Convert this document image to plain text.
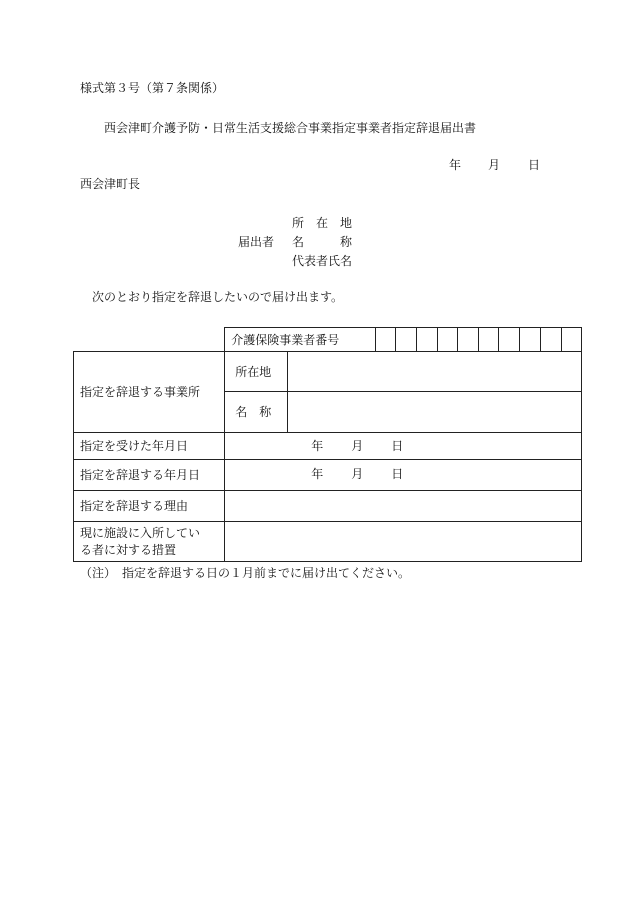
様式第３号（第７条関係）
西会津町介護予防・日常生活支援総合事業指定事業者指定辞退届出書
年 月 日
西会津町長
所　在　地
届出者 名　　　称
代表者氏名
次のとおり指定を辞退したいので届け出ます。
	介護保険事業者番号											
指定を辞退する事業所	所在地											
	名　称											
指定を受けた年月日	年 月 日											

指定を辞退する年月日	年 月 日											

指定を辞退する理由												

現に施設に入所してい
る者に対する措置												

（注）　指定を辞退する日の１月前までに届け出てください。
